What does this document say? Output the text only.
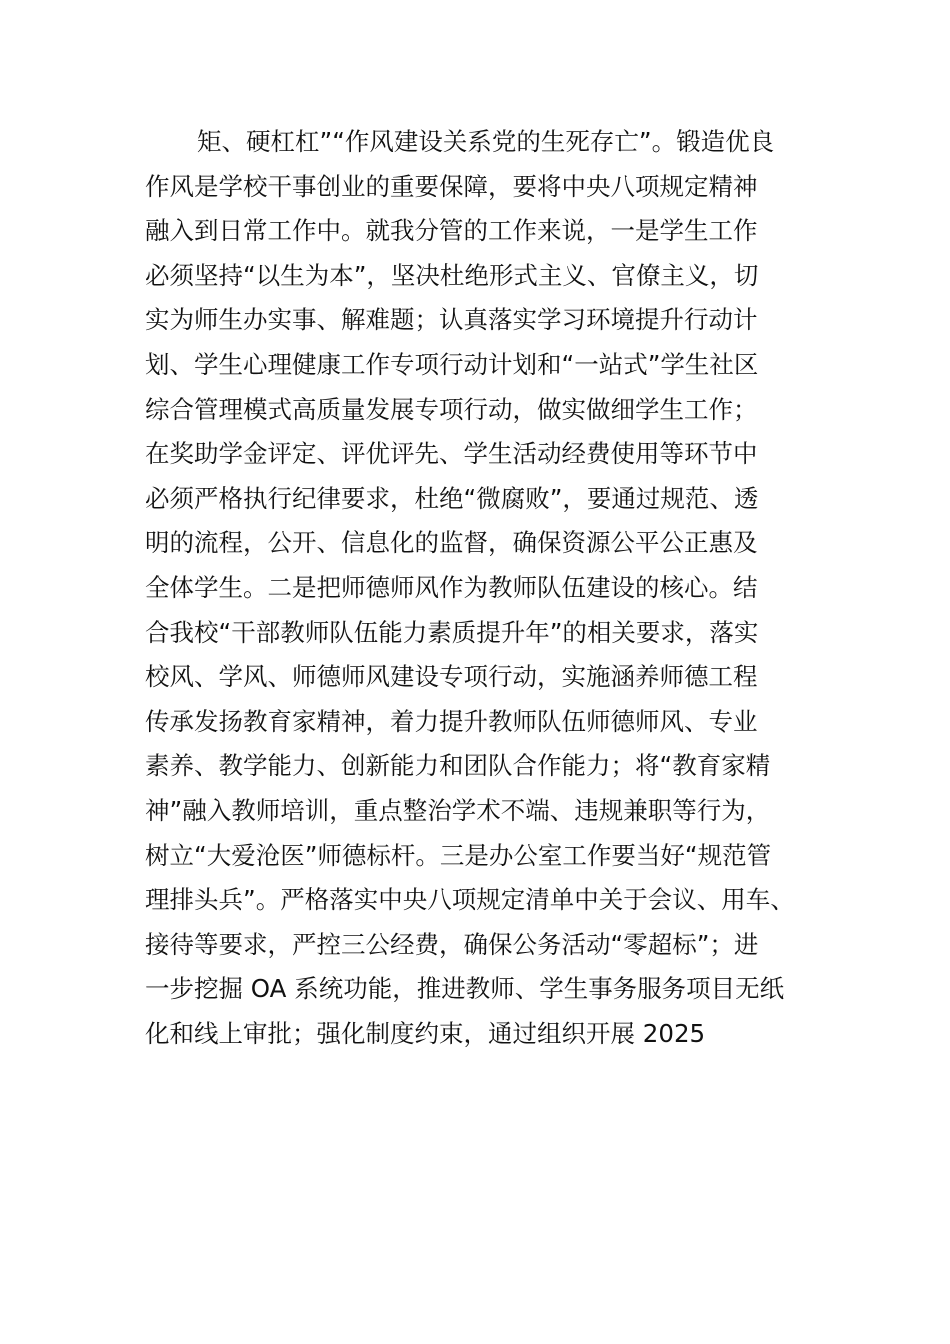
矩、硬杠杠”“作风建设关系党的生死存亡”。锻造优良
作风是学校干事创业的重要保障，要将中央八项规定精神
融入到日常工作中。就我分管的工作来说，一是学生工作
必须坚持“以生为本”，坚决杜绝形式主义、官僚主义，切
实为师生办实事、解难题；认真落实学习环境提升行动计
划、学生心理健康工作专项行动计划和“一站式”学生社区
综合管理模式高质量发展专项行动，做实做细学生工作；
在奖助学金评定、评优评先、学生活动经费使用等环节中
必须严格执行纪律要求，杜绝“微腐败”，要通过规范、透
明的流程，公开、信息化的监督，确保资源公平公正惠及
全体学生。二是把师德师风作为教师队伍建设的核心。结
合我校“干部教师队伍能力素质提升年”的相关要求，落实
校风、学风、师德师风建设专项行动，实施涵养师德工程
传承发扬教育家精神，着力提升教师队伍师德师风、专业
素养、教学能力、创新能力和团队合作能力；将“教育家精
神”融入教师培训，重点整治学术不端、违规兼职等行为，
树立“大爱沧医”师德标杆。三是办公室工作要当好“规范管
理排头兵”。严格落实中央八项规定清单中关于会议、用车、
接待等要求，严控三公经费，确保公务活动“零超标”；进
一步挖掘 OA 系统功能，推进教师、学生事务服务项目无纸
化和线上审批；强化制度约束，通过组织开展 2025
